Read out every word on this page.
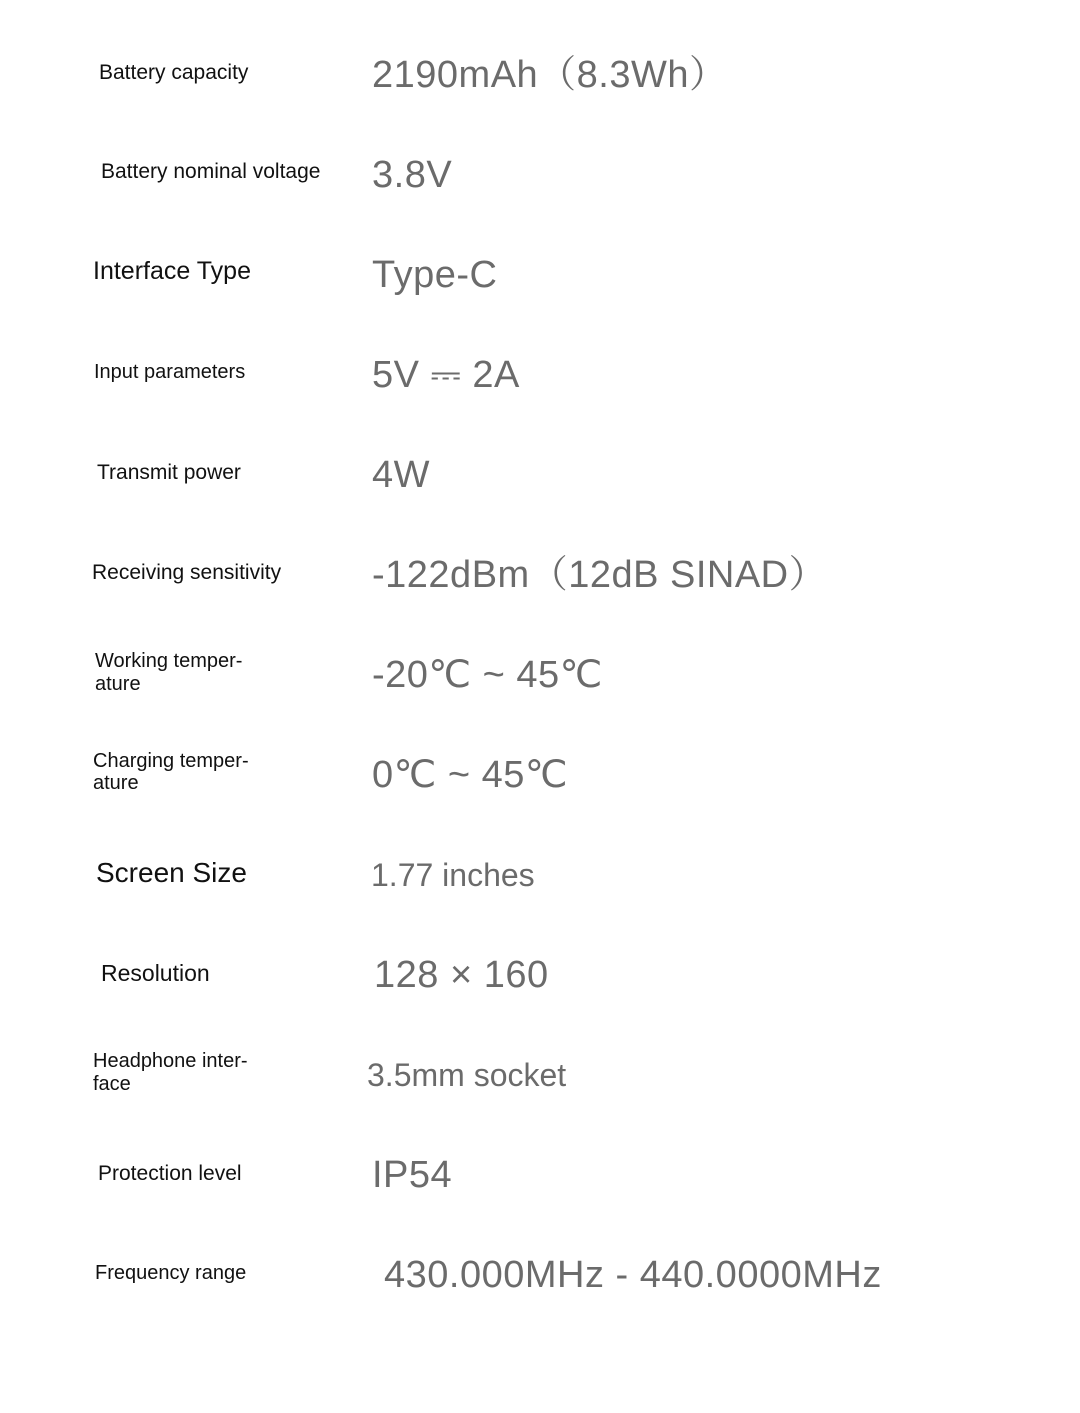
Battery capacity	2190mAh（8.3Wh）
Battery nominal voltage 3.8V
Interface Type	Type-C
Input parameters	5V ⎓ 2A
Transmit power	4W
Receiving sensitivity -122dBm（12dB SINAD）
Working temper-
ature	-20℃ ~ 45℃
Charging temper-
ature	0℃ ~ 45℃
Screen Size	1.77 inches
Resolution	128 × 160
Headphone inter-
face	3.5mm socket
Protection level	IP54
Frequency range	430.000MHz - 440.0000MHz
